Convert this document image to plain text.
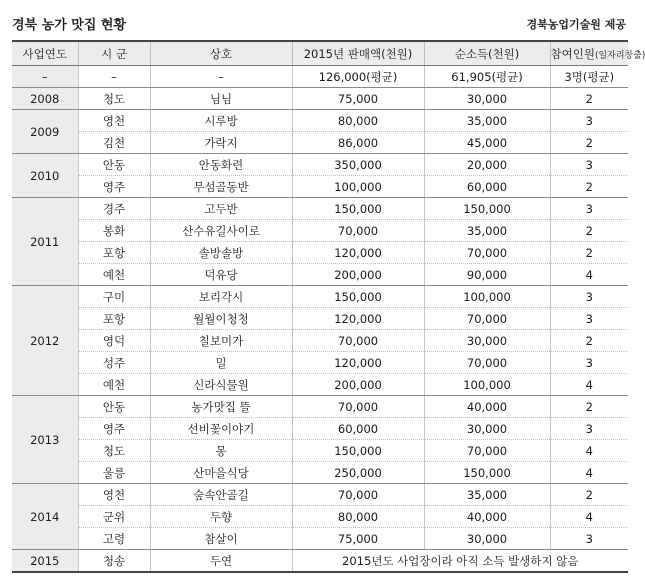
경북 농가 맛집 현황	경북농업기술원 제공
사업연도	시 군	상호	2015년 판매액(천원)	순소득(천원)	참여인원(일자리창출)
–	–	–	126,000(평균)	61,905(평균)	3명(평균)
2008	청도	님님	75,000	30,000	2
2009	영천	시루방	80,000	35,000	3
	김천	가락지	86,000	45,000	2
2010	안동	안동화련	350,000	20,000	3
	영주	무섬골동반	100,000	60,000	2
2011	경주	고두반	150,000	150,000	3
	봉화	산수유길사이로	70,000	35,000	2
	포항	솔방솔방	120,000	70,000	2
	예천	덕유당	200,000	90,000	4
2012	구미	보리각시	150,000	100,000	3
	포항	월월이청청	120,000	70,000	3
	영덕	칠보미가	70,000	30,000	2
	성주	밀	120,000	70,000	3
	예천	신라식물원	200,000	100,000	4
2013	안동	농가맛집 뜰	70,000	40,000	2
	영주	선비꽃이야기	60,000	30,000	3
	청도	몽	150,000	70,000	4
	울릉	산마을식당	250,000	150,000	4
2014	영천	숲속안골길	70,000	35,000	2
	군위	두향	80,000	40,000	4
	고령	참살이	75,000	30,000	3
2015	청송	두연	2015년도 사업장이라 아직 소득 발생하지 않음		
